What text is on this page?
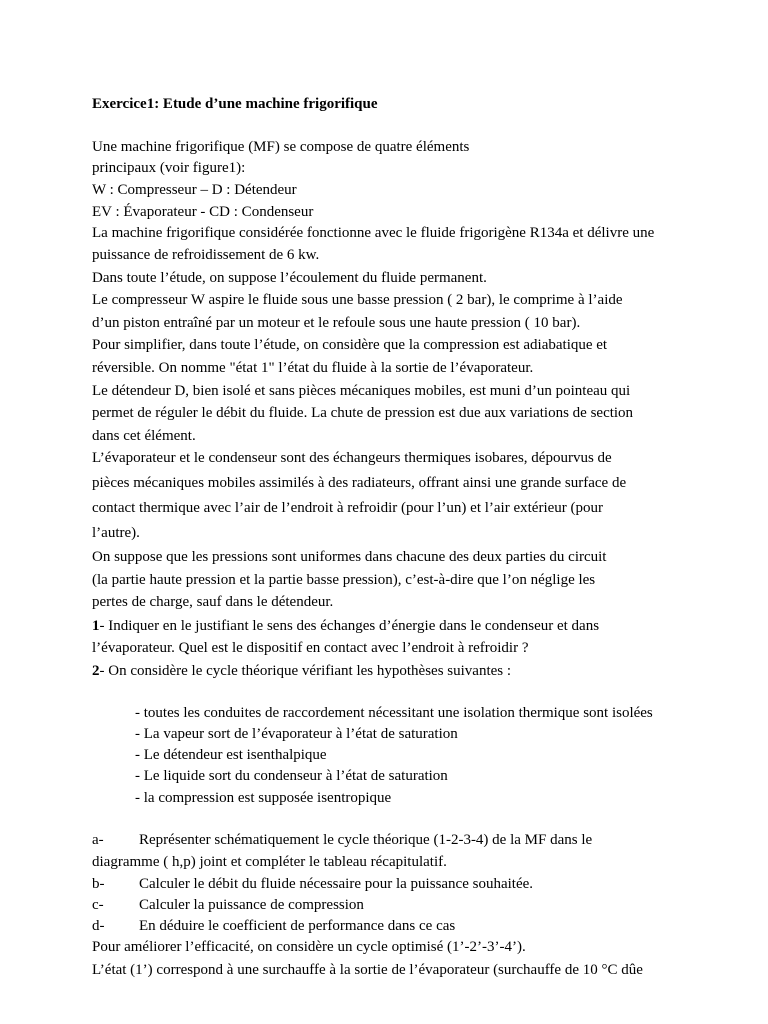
Exercice1: Etude d’une machine frigorifique
Une machine frigorifique (MF) se compose de quatre éléments
principaux (voir figure1):
W : Compresseur – D : Détendeur
EV : Évaporateur - CD : Condenseur
La machine frigorifique considérée fonctionne avec le fluide frigorigène R134a et délivre une
puissance de refroidissement de 6 kw.
Dans toute l’étude, on suppose l’écoulement du fluide permanent.
Le compresseur W aspire le fluide sous une basse pression ( 2 bar), le comprime à l’aide
d’un piston entraîné par un moteur et le refoule sous une haute pression ( 10 bar).
Pour simplifier, dans toute l’étude, on considère que la compression est adiabatique et
réversible. On nomme "état 1" l’état du fluide à la sortie de l’évaporateur.
Le détendeur D, bien isolé et sans pièces mécaniques mobiles, est muni d’un pointeau qui
permet de réguler le débit du fluide. La chute de pression est due aux variations de section
dans cet élément.
L’évaporateur et le condenseur sont des échangeurs thermiques isobares, dépourvus de
pièces mécaniques mobiles assimilés à des radiateurs, offrant ainsi une grande surface de
contact thermique avec l’air de l’endroit à refroidir (pour l’un) et l’air extérieur (pour
l’autre).
On suppose que les pressions sont uniformes dans chacune des deux parties du circuit
(la partie haute pression et la partie basse pression), c’est-à-dire que l’on néglige les
pertes de charge, sauf dans le détendeur.
1- Indiquer en le justifiant le sens des échanges d’énergie dans le condenseur et dans
l’évaporateur. Quel est le dispositif en contact avec l’endroit à refroidir ?
2- On considère le cycle théorique vérifiant les hypothèses suivantes :
- toutes les conduites de raccordement nécessitant une isolation thermique sont isolées
- La vapeur sort de l’évaporateur à l’état de saturation
- Le détendeur est isenthalpique
- Le liquide sort du condenseur à l’état de saturation
- la compression est supposée isentropique
a- Représenter schématiquement le cycle théorique (1-2-3-4) de la MF dans le
diagramme ( h,p) joint et compléter le tableau récapitulatif.
b- Calculer le débit du fluide nécessaire pour la puissance souhaitée.
c- Calculer la puissance de compression
d- En déduire le coefficient de performance dans ce cas
Pour améliorer l’efficacité, on considère un cycle optimisé (1’-2’-3’-4’).
L’état (1’) correspond à une surchauffe à la sortie de l’évaporateur (surchauffe de 10 °C dûe
